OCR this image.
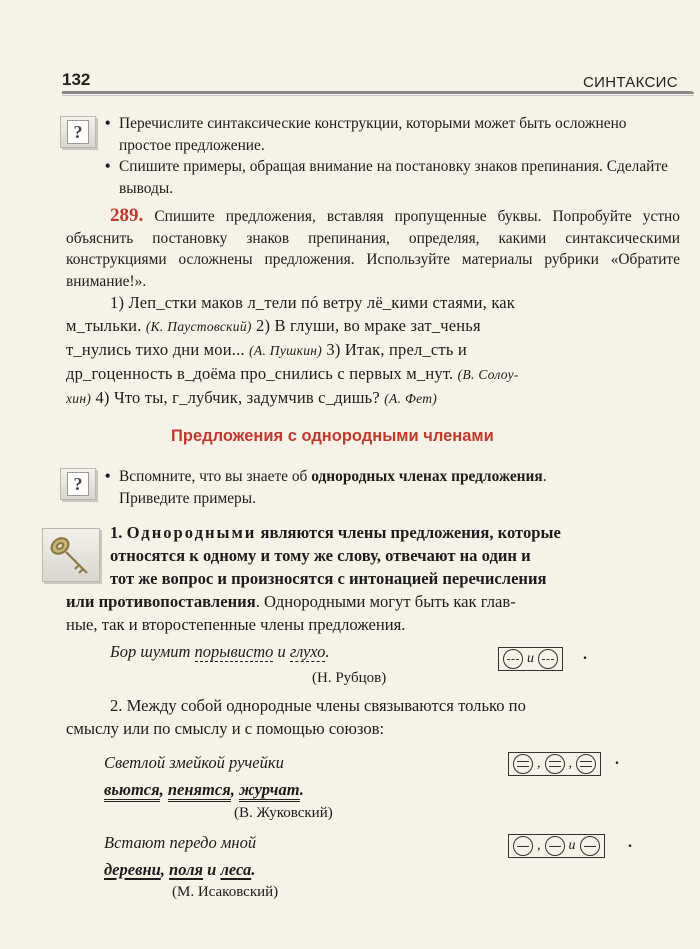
132	СИНТАКСИС
?	• Перечислите синтаксические конструкции, которыми может быть осложнено простое предложение.
• Спишите примеры, обращая внимание на постановку знаков препинания. Сделайте выводы.
289. Спишите предложения, вставляя пропущенные буквы. Попробуйте устно объяснить постановку знаков препинания, определяя, какими синтаксическими конструкциями осложнены предложения. Используйте материалы рубрики «Обратите внимание!».
1) Леп_стки маков л_тели пó ветру лё_кими стаями, как
м_тыльки. (К. Паустовский) 2) В глуши, во мраке зат_ченья
т_нулись тихо дни мои... (А. Пушкин) 3) Итак, прел_сть и
др_гоценность в_доёма про_снились с первых м_нут. (В. Солоу-
хин) 4) Что ты, г_лубчик, задумчив с_дишь? (А. Фет)
Предложения с однородными членами
?	• Вспомните, что вы знаете об однородных членах предложения.
Приведите примеры.
1. Однородными являются члены предложения, которые
относятся к одному и тому же слову, отвечают на один и
тот же вопрос и произносятся с интонацией перечисления
или противопоставления. Однородными могут быть как глав-
ные, так и второстепенные члены предложения.
Бор шумит порывисто и глухо.
(Н. Рубцов)
и	.
2. Между собой однородные члены связываются только по
смыслу или по смыслу и с помощью союзов:
Светлой змейкой ручейки
вьются, пенятся, журчат.
(В. Жуковский)
, ,	.
Встают передо мной
деревни, поля и леса.
(М. Исаковский)
, и	.
